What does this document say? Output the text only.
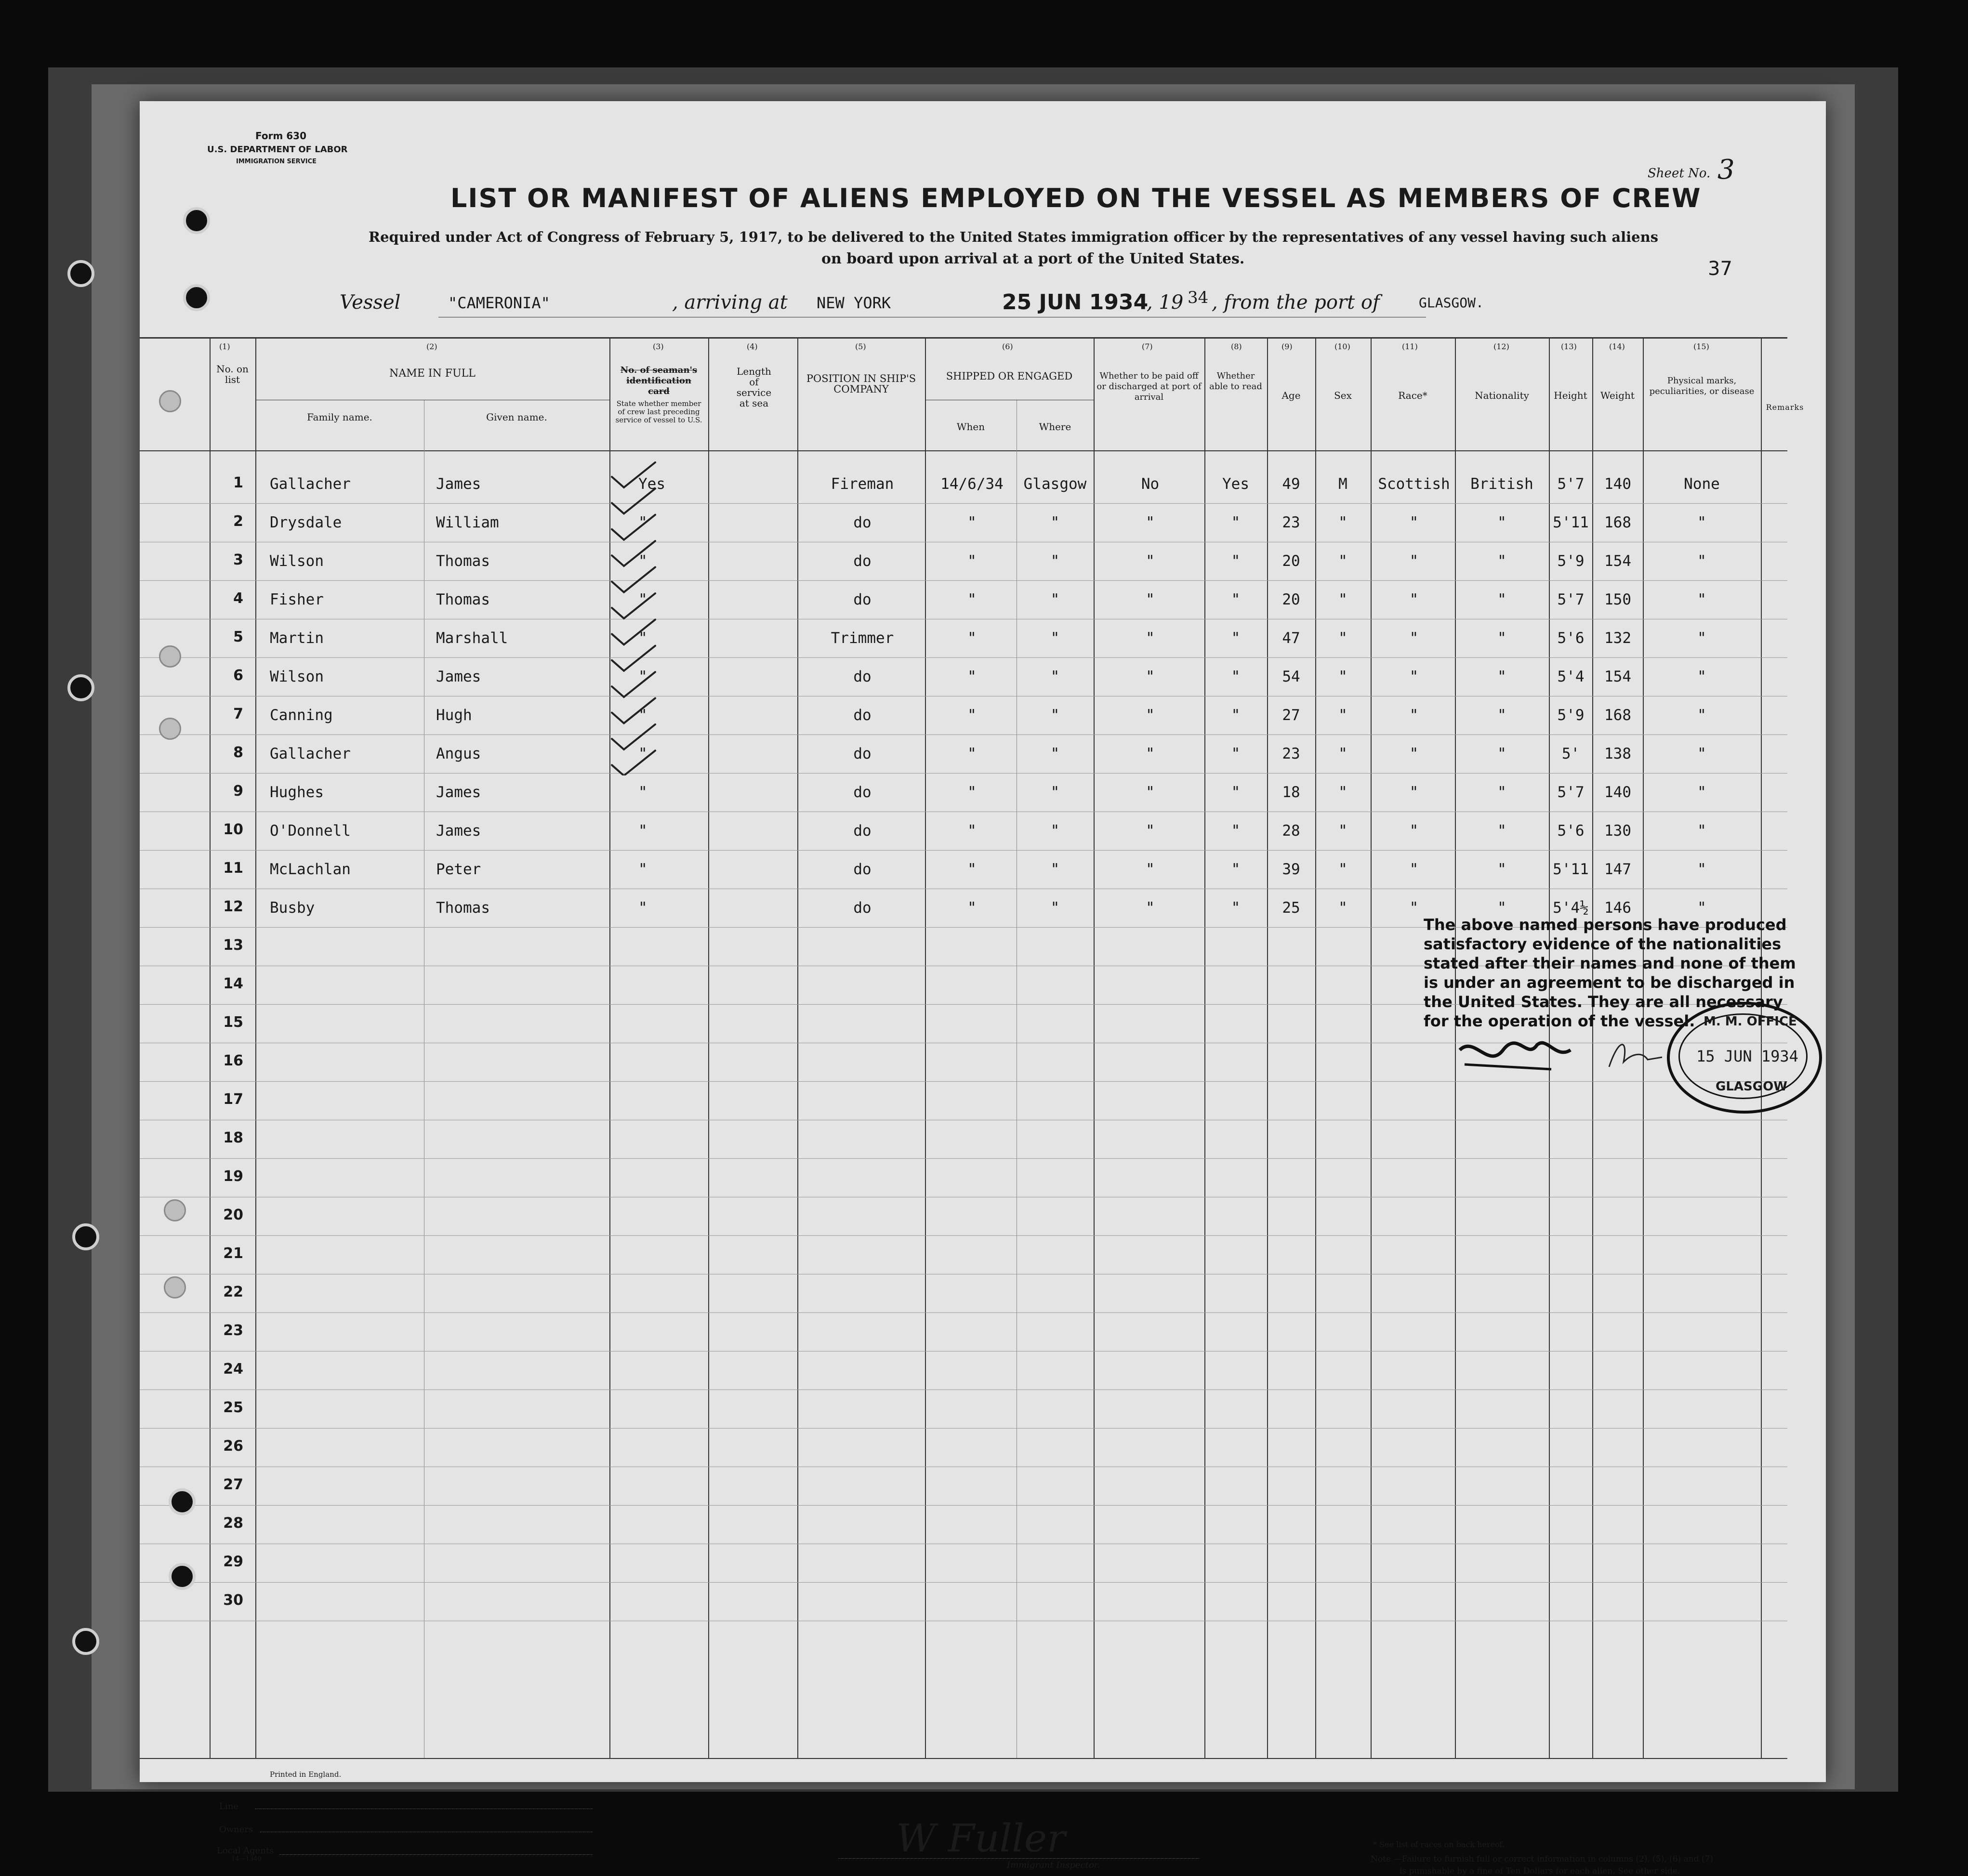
Form 630
U.S. DEPARTMENT OF LABOR
IMMIGRATION SERVICE
Sheet No. 3
LIST OR MANIFEST OF ALIENS EMPLOYED ON THE VESSEL AS MEMBERS OF CREW
Required under Act of Congress of February 5, 1917, to be delivered to the United States immigration officer by the representatives of any vessel having such aliens
on board upon arrival at a port of the United States.	37
Vessel	"CAMERONIA"	, arriving at NEW YORK	25 JUN 1934
, 19 34 , from the port of	GLASGOW.
(1)	(2)	(3)	(4)	(5)	(6)	(7)	(8)	(9)	(10)	(11)	(12)	(13)	(14)	(15)
No. on list	NAME IN FULL
Family name.	Given name.
No. of seaman's identification card
State whether member of crew last preceding service of vessel to U.S.
Length of service at sea
POSITION IN SHIP'S COMPANY
SHIPPED OR ENGAGED
When	Where
Whether to be paid off or discharged at port of arrival
Whether able to read
Age	Sex	Race*	Nationality	Height	Weight
Physical marks, peculiarities, or disease
Remarks
1 Gallacher	James	Yes	Fireman	14/6/34	Glasgow	No	Yes	49	M	Scottish	British	5'7	140	None
2 Drysdale	William	"	do	"	"	"	"	23	"	"	"	5'11	168	"
3 Wilson	Thomas	"	do	"	"	"	"	20	"	"	"	5'9	154	"
4 Fisher	Thomas	"	do	"	"	"	"	20	"	"	"	5'7	150	"
5 Martin	Marshall	"	Trimmer	"	"	"	"	47	"	"	"	5'6	132	"
6 Wilson	James	"	do	"	"	"	"	54	"	"	"	5'4	154	"
7 Canning	Hugh	"	do	"	"	"	"	27	"	"	"	5'9	168	"
8 Gallacher	Angus	"	do	"	"	"	"	23	"	"	"	5'	138	"
9 Hughes	James	"	do	"	"	"	"	18	"	"	"	5'7	140	"
10 O'Donnell	James	"	do	"	"	"	"	28	"	"	"	5'6	130	"
11 McLachlan	Peter	"	do	"	"	"	"	39	"	"	"	5'11	147	"
12 Busby	Thomas	"	do	"	"	"	"	25	"	"	"	5'4½	146	"
13
14
15
16
17
18
19
20
21
22
23
24
25
26
27
28
29
30
The above named persons have produced
satisfactory evidence of the nationalities
stated after their names and none of them
is under an agreement to be discharged in
the United States. They are all necessary
for the operation of the vessel. M. M. OFFICE
15 JUN 1934
GLASGOW
Printed in England.
Line
Owners
Local Agents
14—1340	W Fuller
Immigrant Inspector.
* See list of races on back hereof.
Note.—Failure to furnish full or correct information in columns (2), (5), (6) and (7)
is punishable by a fine of Ten Dollars for each alien. See other side.
